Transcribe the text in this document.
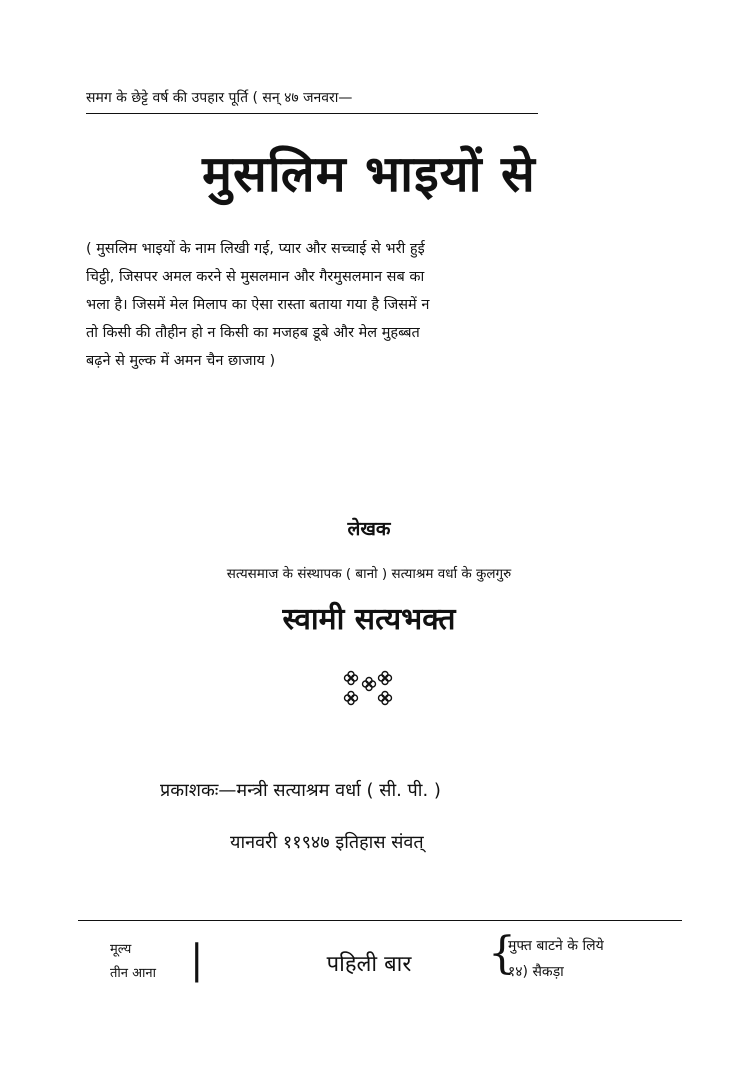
समग के छेट्टे वर्ष की उपहार पूर्ति ( सन् ४७ जनवरा—
मुसलिम भाइयों से
( मुसलिम भाइयों के नाम लिखी गई, प्यार और सच्चाई से भरी हुई
चिट्ठी, जिसपर अमल करने से मुसलमान और गैरमुसलमान सब का
भला है। जिसमें मेल मिलाप का ऐसा रास्ता बताया गया है जिसमें न
तो किसी की तौहीन हो न किसी का मजहब डूबे और मेल मुहब्बत
बढ़ने से मुल्क में अमन चैन छाजाय )
लेखक
सत्यसमाज के संस्थापक ( बानो ) सत्याश्रम वर्धा के कुलगुरु
स्वामी सत्यभक्त
प्रकाशकः—मन्त्री सत्याश्रम वर्धा ( सी. पी. )
यानवरी ११९४७ इतिहास संवत्
मूल्य
तीन आना |	पहिली बार	{
मुफ्त बाटने के लिये
१४) सैकड़ा
